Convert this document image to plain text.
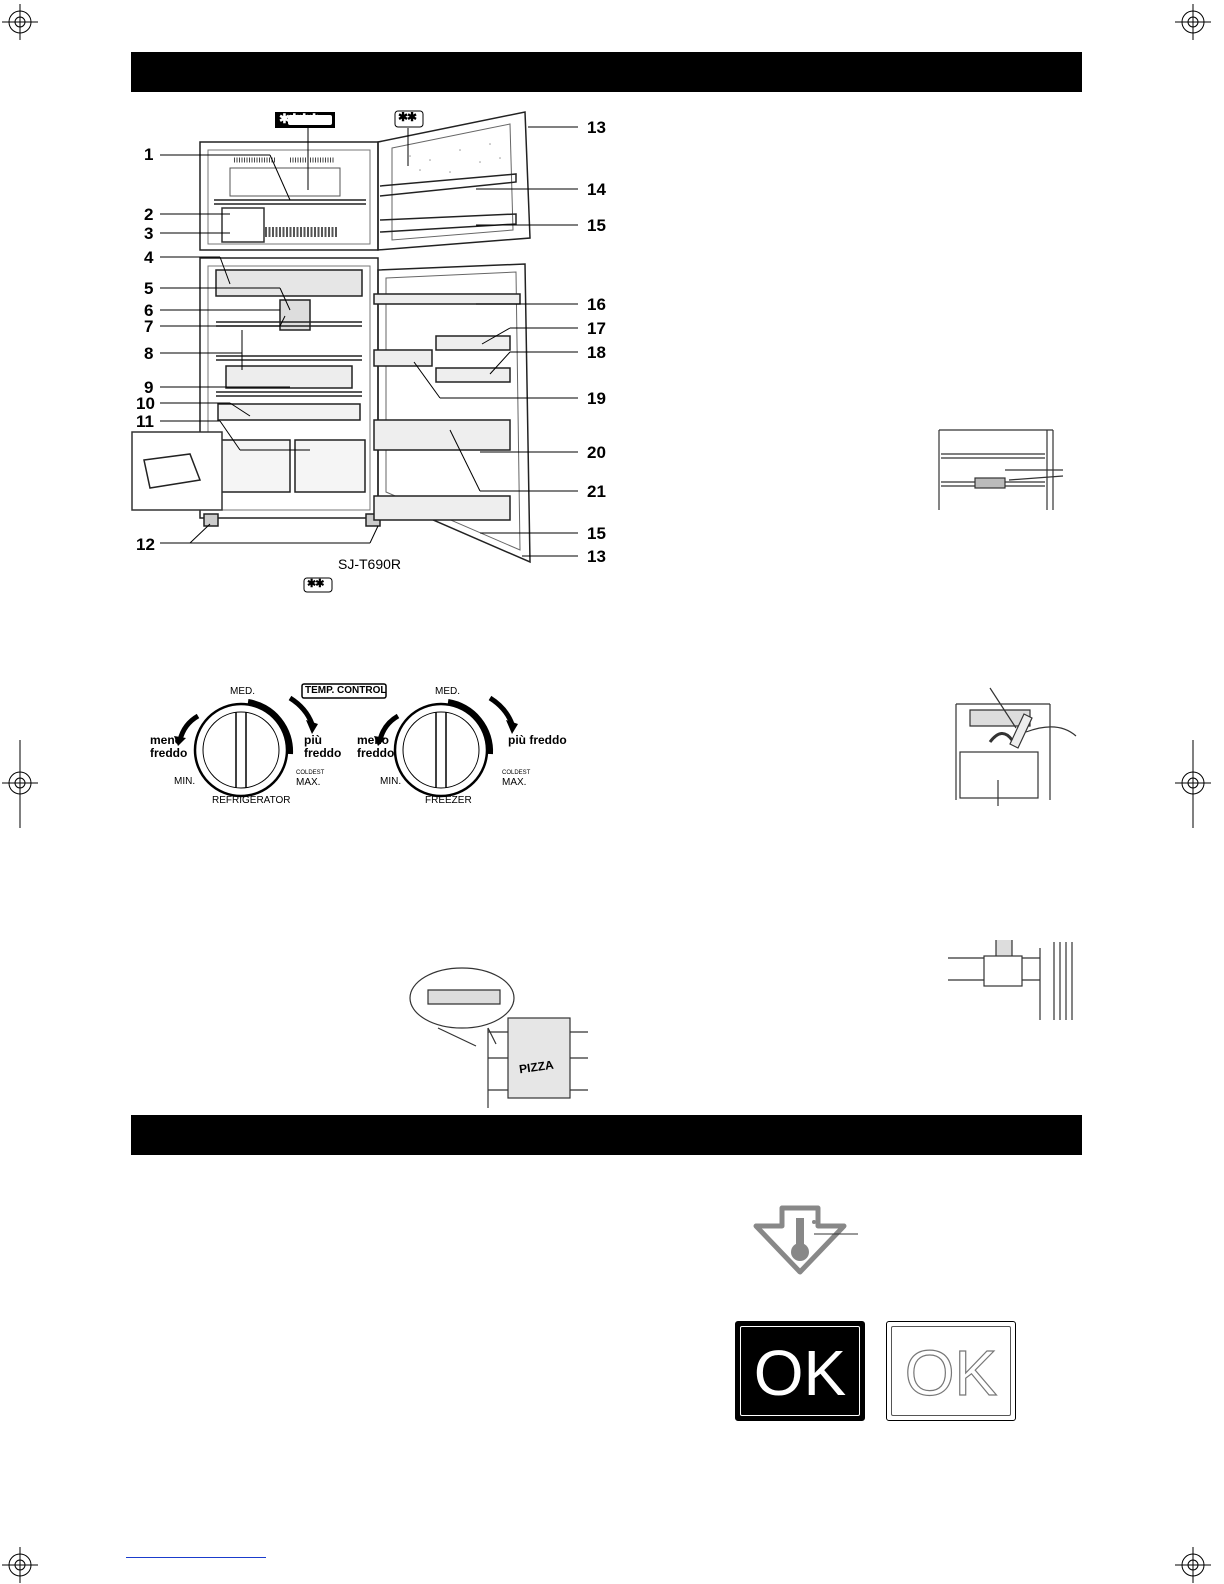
✱✱✱✱	✱✱
✱✱
1
2
3
4
5
6
7
8
9
10
11
12
13
14
15
16
17
18
19
20
21
15
13
SJ-T690R
TEMP. CONTROL
MED.
MIN.
COLDEST
MAX.
meno freddo
più freddo
REFRIGERATOR
MED.
MIN.
COLDEST
MAX.
meno freddo
più freddo
FREEZER
PIZZA
OK OK
